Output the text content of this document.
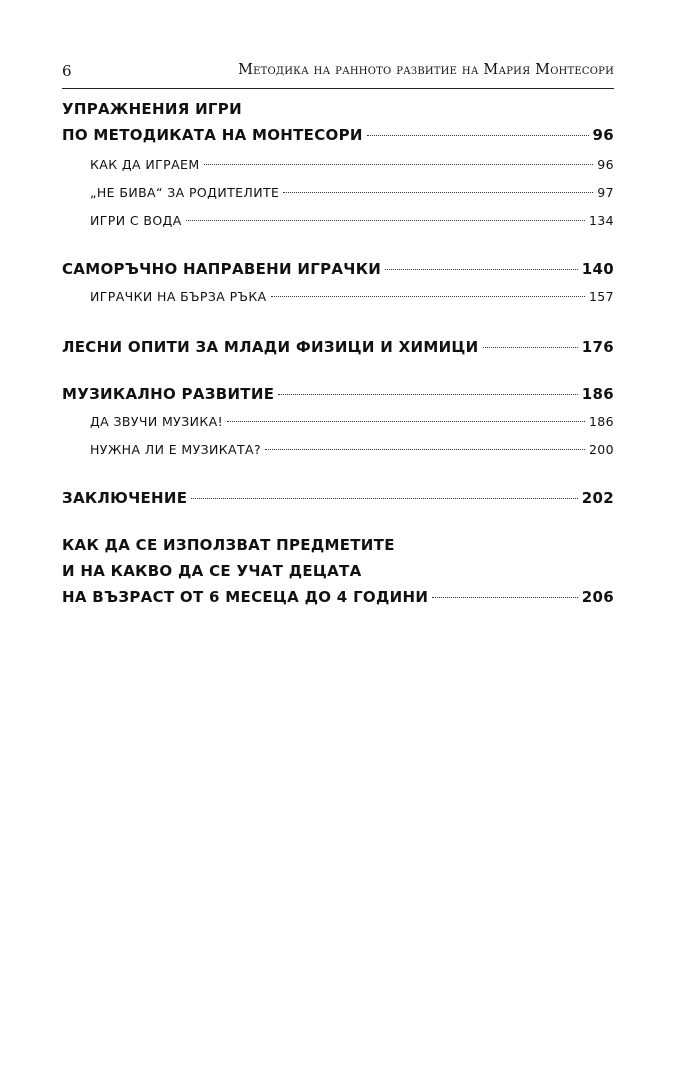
6	Методика на ранното развитие на Мария Монтесори
УПРАЖНЕНИЯ ИГРИ
ПО МЕТОДИКАТА НА МОНТЕСОРИ	96
КАК ДА ИГРАЕМ	96
„НЕ БИВА“ ЗА РОДИТЕЛИТЕ	97
ИГРИ С ВОДА	134
САМОРЪЧНО НАПРАВЕНИ ИГРАЧКИ	140
ИГРАЧКИ НА БЪРЗА РЪКА	157
ЛЕСНИ ОПИТИ ЗА МЛАДИ ФИЗИЦИ И ХИМИЦИ	176
МУЗИКАЛНО РАЗВИТИЕ	186
ДА ЗВУЧИ МУЗИКА!	186
НУЖНА ЛИ Е МУЗИКАТА?	200
ЗАКЛЮЧЕНИЕ	202
КАК ДА СЕ ИЗПОЛЗВАТ ПРЕДМЕТИТЕ
И НА КАКВО ДА СЕ УЧАТ ДЕЦАТА
НА ВЪЗРАСТ ОТ 6 МЕСЕЦА ДО 4 ГОДИНИ	206
